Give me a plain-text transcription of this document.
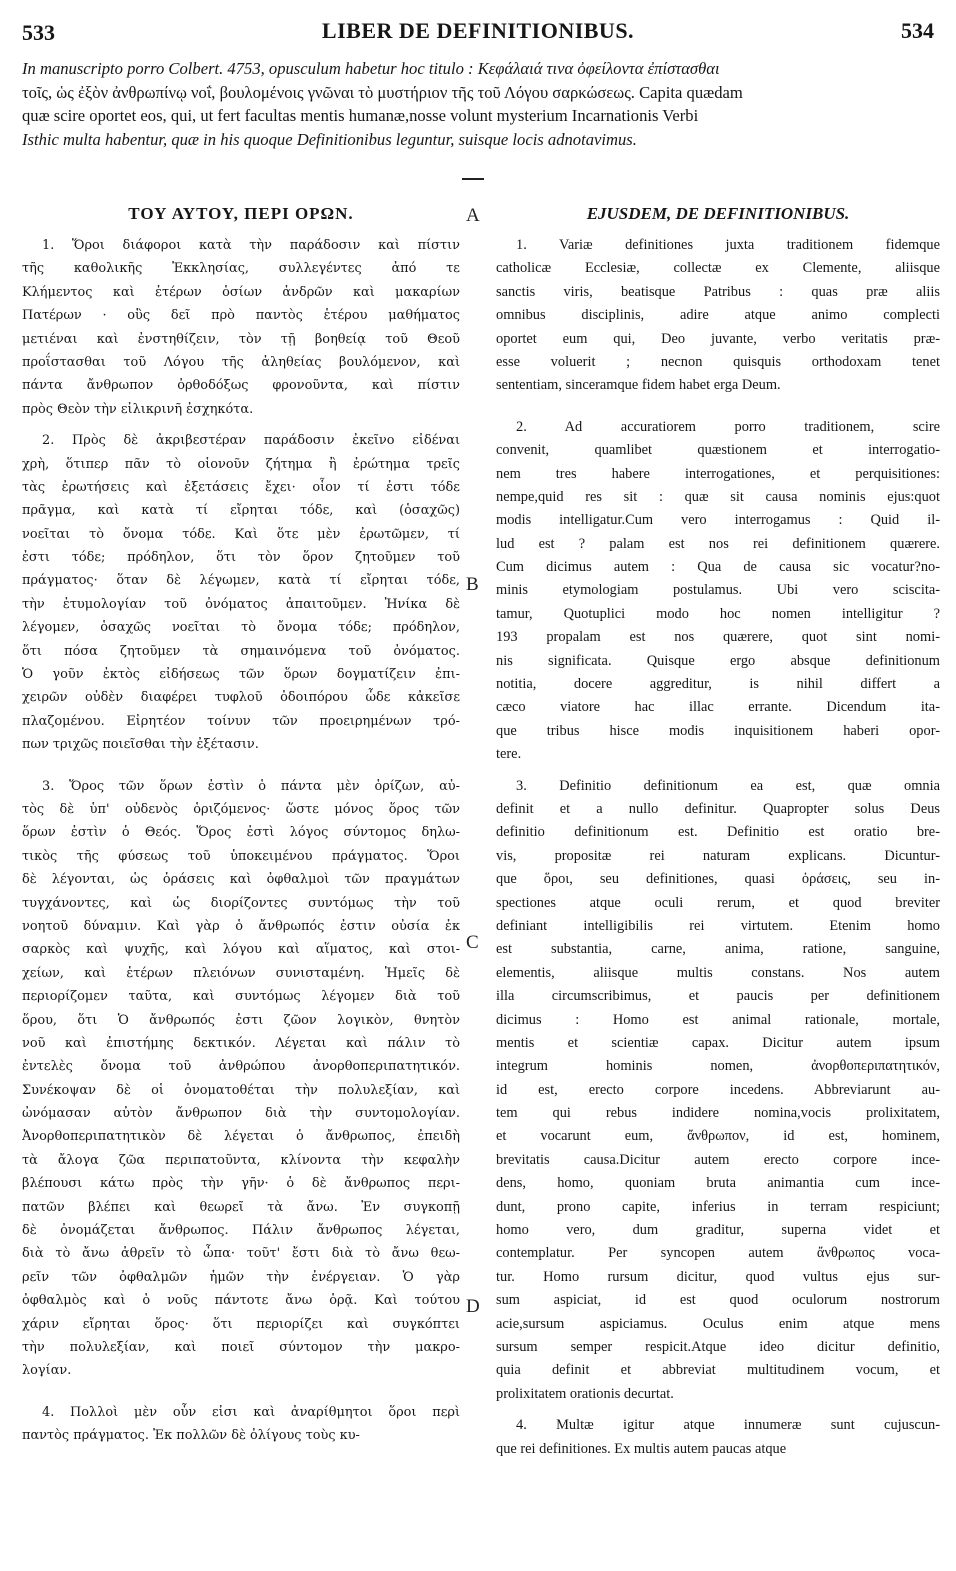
533	LIBER DE DEFINITIONIBUS.	534

In manuscripto porro Colbert. 4753, opusculum habetur hoc titulo : Κεφάλαιά τινα ὀφείλοντα ἐπίστασθαι

τοῖς, ὡς ἐξὸν ἀνθρωπίνῳ νοΐ, βουλομένοις γνῶναι τὸ μυστήριον τῆς τοῦ Λόγου σαρκώσεως. Capita quædam

quæ scire oportet eos, qui, ut fert facultas mentis humanæ,nosse volunt mysterium Incarnationis Verbi

Isthic multa habentur, quæ in his quoque Definitionibus leguntur, suisque locis adnotavimus.

A
B
C
D
ΤΟΥ ΑΥΤΟΥ, ΠΕΡΙ ΟΡΩΝ.
1. Ὅροι διάφοροι κατὰ τὴν παράδοσιν καὶ πίστιν
τῆς καθολικῆς Ἐκκλησίας, συλλεγέντες ἀπό τε
Κλήμεντος καὶ ἑτέρων ὁσίων ἀνδρῶν καὶ μακαρίων
Πατέρων · οὓς δεῖ πρὸ παντὸς ἑτέρου μαθήματος
μετιέναι καὶ ἐνστηθίζειν, τὸν τῇ βοηθείᾳ τοῦ Θεοῦ
προΐστασθαι τοῦ Λόγου τῆς ἀληθείας βουλόμενον, καὶ
πάντα ἄνθρωπον ὀρθοδόξως φρονοῦντα, καὶ πίστιν
πρὸς Θεὸν τὴν εἰλικρινῆ ἐσχηκότα.
2. Πρὸς δὲ ἀκριβεστέραν παράδοσιν ἐκεῖνο εἰδέναι
χρὴ, ὅτιπερ πᾶν τὸ οἱονοῦν ζήτημα ἢ ἐρώτημα τρεῖς
τὰς ἐρωτήσεις καὶ ἐξετάσεις ἔχει· οἷον τί ἐστι τόδε
πρᾶγμα, καὶ κατὰ τί εἴρηται τόδε, καὶ (ὁσαχῶς)
νοεῖται τὸ ὄνομα τόδε. Καὶ ὅτε μὲν ἐρωτῶμεν, τί
ἐστι τόδε; πρόδηλον, ὅτι τὸν ὅρον ζητοῦμεν τοῦ
πράγματος· ὅταν δὲ λέγωμεν, κατὰ τί εἴρηται τόδε,
τὴν ἐτυμολογίαν τοῦ ὀνόματος ἀπαιτοῦμεν. Ἡνίκα δὲ
λέγομεν, ὁσαχῶς νοεῖται τὸ ὄνομα τόδε; πρόδηλον,
ὅτι πόσα ζητοῦμεν τὰ σημαινόμενα τοῦ ὀνόματος.
Ὁ γοῦν ἐκτὸς εἰδήσεως τῶν ὅρων δογματίζειν ἐπι-
χειρῶν οὐδὲν διαφέρει τυφλοῦ ὁδοιπόρου ὧδε κἀκεῖσε
πλαζομένου. Εἰρητέον τοίνυν τῶν προειρημένων τρό-
πων τριχῶς ποιεῖσθαι τὴν ἐξέτασιν.
3. Ὅρος τῶν ὅρων ἐστὶν ὁ πάντα μὲν ὁρίζων, αὐ-
τὸς δὲ ὑπ' οὐδενὸς ὁριζόμενος· ὥστε μόνος ὅρος τῶν
ὅρων ἐστὶν ὁ Θεός. Ὅρος ἐστὶ λόγος σύντομος δηλω-
τικὸς τῆς φύσεως τοῦ ὑποκειμένου πράγματος. Ὅροι
δὲ λέγονται, ὡς ὁράσεις καὶ ὀφθαλμοὶ τῶν πραγμάτων
τυγχάνοντες, καὶ ὡς διορίζοντες συντόμως τὴν τοῦ
νοητοῦ δύναμιν. Καὶ γὰρ ὁ ἄνθρωπός ἐστιν οὐσία ἐκ
σαρκὸς καὶ ψυχῆς, καὶ λόγου καὶ αἵματος, καὶ στοι-
χείων, καὶ ἑτέρων πλειόνων συνισταμένη. Ἡμεῖς δὲ
περιορίζομεν ταῦτα, καὶ συντόμως λέγομεν διὰ τοῦ
ὅρου, ὅτι Ὁ ἄνθρωπός ἐστι ζῶον λογικὸν, θνητὸν
νοῦ καὶ ἐπιστήμης δεκτικόν. Λέγεται καὶ πάλιν τὸ
ἐντελὲς ὄνομα τοῦ ἀνθρώπου ἀνορθοπεριπατητικόν.
Συνέκοψαν δὲ οἱ ὀνοματοθέται τὴν πολυλεξίαν, καὶ
ὠνόμασαν αὐτὸν ἄνθρωπον διὰ τὴν συντομολογίαν.
Ἀνορθοπεριπατητικὸν δὲ λέγεται ὁ ἄνθρωπος, ἐπειδὴ
τὰ ἄλογα ζῶα περιπατοῦντα, κλίνοντα τὴν κεφαλὴν
βλέπουσι κάτω πρὸς τὴν γῆν· ὁ δὲ ἄνθρωπος περι-
πατῶν βλέπει καὶ θεωρεῖ τὰ ἄνω. Ἐν συγκοπῇ
δὲ ὀνομάζεται ἄνθρωπος. Πάλιν ἄνθρωπος λέγεται,
διὰ τὸ ἄνω ἀθρεῖν τὸ ὦπα· τοῦτ' ἔστι διὰ τὸ ἄνω θεω-
ρεῖν τῶν ὀφθαλμῶν ἡμῶν τὴν ἐνέργειαν. Ὁ γὰρ
ὀφθαλμὸς καὶ ὁ νοῦς πάντοτε ἄνω ὁρᾷ. Καὶ τούτου
χάριν εἴρηται ὅρος· ὅτι περιορίζει καὶ συγκόπτει
τὴν πολυλεξίαν, καὶ ποιεῖ σύντομον τὴν μακρο-
λογίαν.
4. Πολλοὶ μὲν οὖν εἰσι καὶ ἀναρίθμητοι ὅροι περὶ
παντὸς πράγματος. Ἐκ πολλῶν δὲ ὀλίγους τοὺς κυ-
EJUSDEM, DE DEFINITIONIBUS.
1. Variæ definitiones juxta traditionem fidemque
catholicæ Ecclesiæ, collectæ ex Clemente, aliisque
sanctis viris, beatisque Patribus : quas præ aliis
omnibus disciplinis, adire atque animo complecti
oportet eum qui, Deo juvante, verbo veritatis præ-
esse voluerit ; necnon quisquis orthodoxam tenet
sententiam, sinceramque fidem habet erga Deum.
2. Ad accuratiorem porro traditionem, scire
convenit, quamlibet quæstionem et interrogatio-
nem tres habere interrogationes, et perquisitiones:
nempe,quid res sit : quæ sit causa nominis ejus:quot
modis intelligatur.Cum vero interrogamus : Quid il-
lud est ? palam est nos rei definitionem quærere.
Cum dicimus autem : Qua de causa sic vocatur?no-
minis etymologiam postulamus. Ubi vero sciscita-
tamur, Quotuplici modo hoc nomen intelligitur ?
193 propalam est nos quærere, quot sint nomi-
nis significata. Quisque ergo absque definitionum
notitia, docere aggreditur, is nihil differt a
cæco viatore hac illac errante. Dicendum ita-
que tribus hisce modis inquisitionem haberi opor-
tere.
3. Definitio definitionum ea est, quæ omnia
definit et a nullo definitur. Quapropter solus Deus
definitio definitionum est. Definitio est oratio bre-
vis, propositæ rei naturam explicans. Dicuntur-
que ὅροι, seu definitiones, quasi ὁράσεις, seu in-
spectiones atque oculi rerum, et quod breviter
definiant intelligibilis rei virtutem. Etenim homo
est substantia, carne, anima, ratione, sanguine,
elementis, aliisque multis constans. Nos autem
illa circumscribimus, et paucis per definitionem
dicimus : Homo est animal rationale, mortale,
mentis et scientiæ capax. Dicitur autem ipsum
integrum hominis nomen, ἀνορθοπεριπατητικόν,
id est, erecto corpore incedens. Abbreviarunt au-
tem qui rebus indidere nomina,vocis prolixitatem,
et vocarunt eum, ἄνθρωπον, id est, hominem,
brevitatis causa.Dicitur autem erecto corpore ince-
dens, homo, quoniam bruta animantia cum ince-
dunt, prono capite, inferius in terram respiciunt;
homo vero, dum graditur, superna videt et
contemplatur. Per syncopen autem ἄνθρωπος voca-
tur. Homo rursum dicitur, quod vultus ejus sur-
sum aspiciat, id est quod oculorum nostrorum
acie,sursum aspiciamus. Oculus enim atque mens
sursum semper respicit.Atque ideo dicitur definitio,
quia definit et abbreviat multitudinem vocum, et
prolixitatem orationis decurtat.
4. Multæ igitur atque innumeræ sunt cujuscun-
que rei definitiones. Ex multis autem paucas atque
